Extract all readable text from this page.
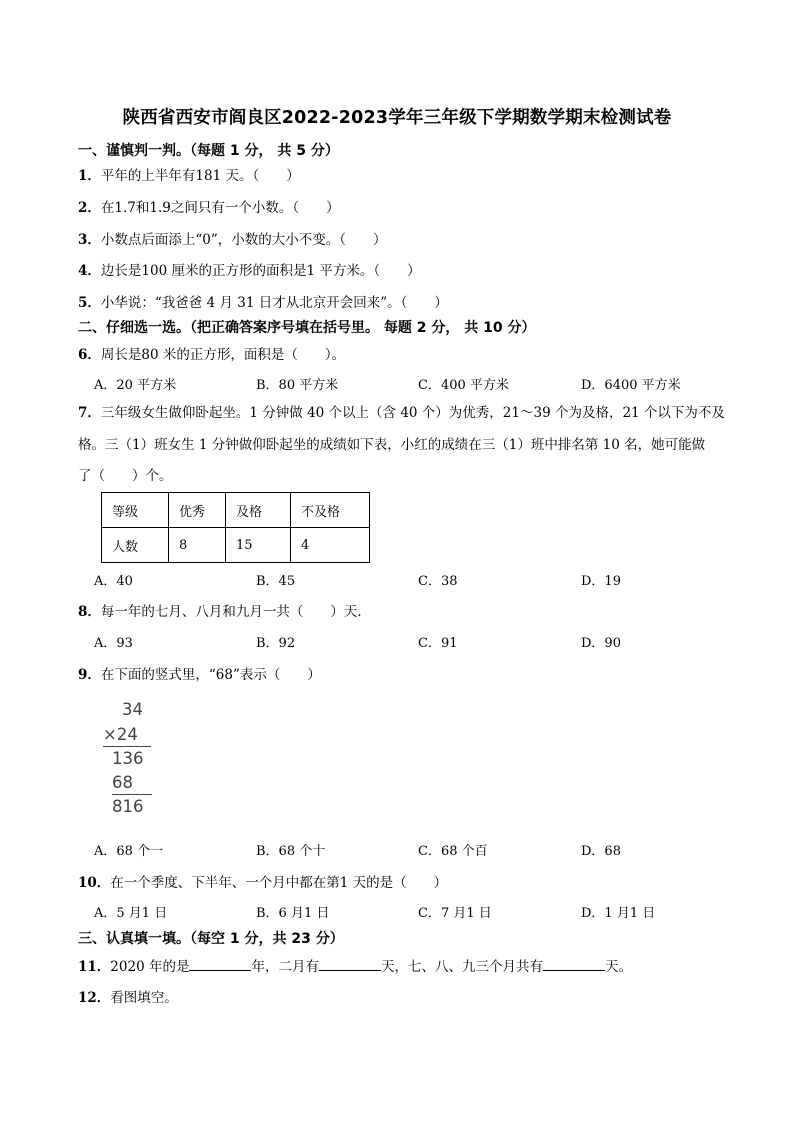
陕西省西安市阎良区2022-2023学年三年级下学期数学期末检测试卷
一、谨慎判一判。（每题 1 分， 共 5 分）
1．平年的上半年有181 天。（　　）
2．在1.7和1.9之间只有一个小数。（　　）
3．小数点后面添上“0”，小数的大小不变。（　　）
4．边长是100 厘米的正方形的面积是1 平方米。（　　）
5．小华说：“我爸爸 4 月 31 日才从北京开会回来”。（　　）
二、仔细选一选。（把正确答案序号填在括号里。 每题 2 分， 共 10 分）
6．周长是80 米的正方形，面积是（　　）。
A．20 平方米	B．80 平方米	C．400 平方米	D．6400 平方米
7．三年级女生做仰卧起坐。1 分钟做 40 个以上（含 40 个）为优秀，21～39 个为及格，21 个以下为不及
格。三（1）班女生 1 分钟做仰卧起坐的成绩如下表，小红的成绩在三（1）班中排名第 10 名，她可能做
了（　　）个。
等级	优秀	及格	不及格
人数	8	15	4
A．40	B．45	C．38	D．19
8．每一年的七月、八月和九月一共（　　）天．
A．93	B．92	C．91	D．90
9．在下面的竖式里，“68”表示（　　）
34
×24
136
68
816
A．68 个一	B．68 个十	C．68 个百	D．68
10．在一个季度、下半年、一个月中都在第1 天的是（　　）
A．5 月1 日	B．6 月1 日	C．7 月1 日	D．1 月1 日
三、认真填一填。（每空 1 分，共 23 分）
11．2020 年的是	年，二月有	天，七、八、九三个月共有	天。
12．看图填空。
